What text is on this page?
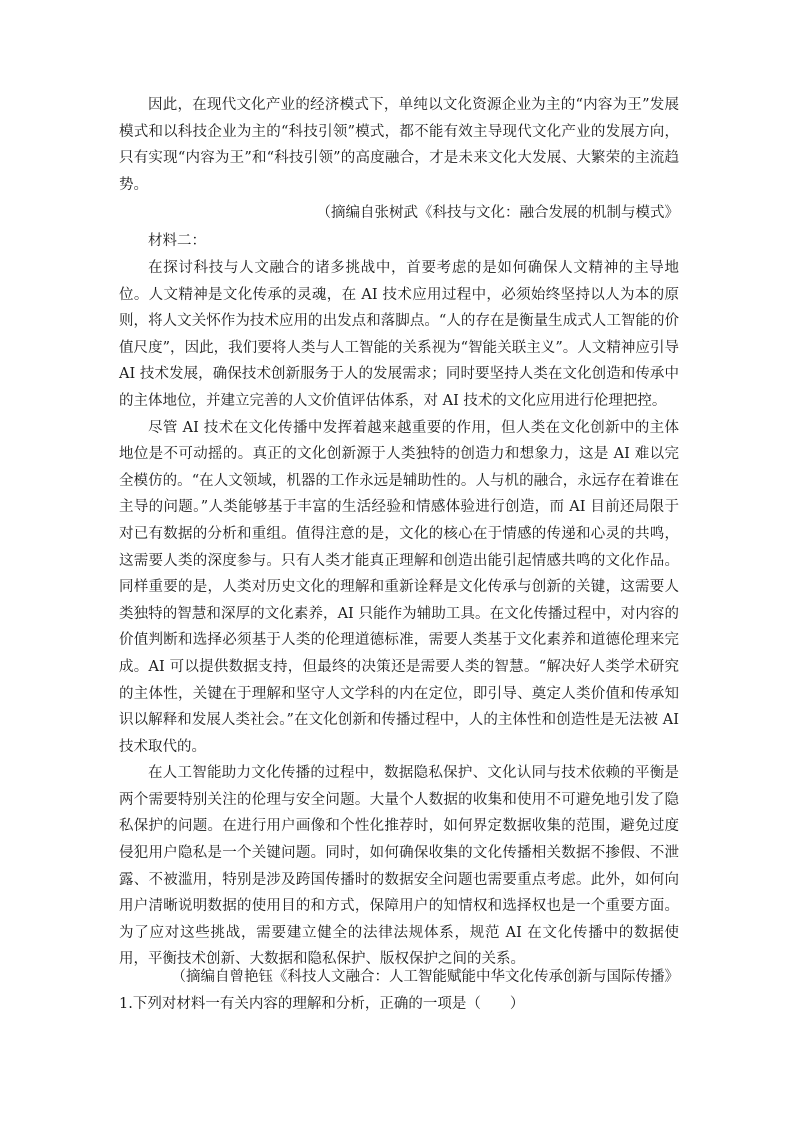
因此，在现代文化产业的经济模式下，单纯以文化资源企业为主的“内容为王”发展模式和以科技企业为主的“科技引领”模式，都不能有效主导现代文化产业的发展方向，只有实现“内容为王”和“科技引领”的高度融合，才是未来文化大发展、大繁荣的主流趋势。

（摘编自张树武《科技与文化：融合发展的机制与模式》
材料二：

在探讨科技与人文融合的诸多挑战中，首要考虑的是如何确保人文精神的主导地位。人文精神是文化传承的灵魂，在 AI 技术应用过程中，必须始终坚持以人为本的原则，将人文关怀作为技术应用的出发点和落脚点。“人的存在是衡量生成式人工智能的价值尺度”，因此，我们要将人类与人工智能的关系视为“智能关联主义”。人文精神应引导 AI 技术发展，确保技术创新服务于人的发展需求；同时要坚持人类在文化创造和传承中的主体地位，并建立完善的人文价值评估体系，对 AI 技术的文化应用进行伦理把控。

尽管 AI 技术在文化传播中发挥着越来越重要的作用，但人类在文化创新中的主体地位是不可动摇的。真正的文化创新源于人类独特的创造力和想象力，这是 AI 难以完全模仿的。“在人文领域，机器的工作永远是辅助性的。人与机的融合，永远存在着谁在主导的问题。”人类能够基于丰富的生活经验和情感体验进行创造，而 AI 目前还局限于对已有数据的分析和重组。值得注意的是，文化的核心在于情感的传递和心灵的共鸣，这需要人类的深度参与。只有人类才能真正理解和创造出能引起情感共鸣的文化作品。同样重要的是，人类对历史文化的理解和重新诠释是文化传承与创新的关键，这需要人类独特的智慧和深厚的文化素养，AI 只能作为辅助工具。在文化传播过程中，对内容的价值判断和选择必须基于人类的伦理道德标准，需要人类基于文化素养和道德伦理来完成。AI 可以提供数据支持，但最终的决策还是需要人类的智慧。“解决好人类学术研究的主体性，关键在于理解和坚守人文学科的内在定位，即引导、奠定人类价值和传承知识以解释和发展人类社会。”在文化创新和传播过程中，人的主体性和创造性是无法被 AI 技术取代的。

在人工智能助力文化传播的过程中，数据隐私保护、文化认同与技术依赖的平衡是两个需要特别关注的伦理与安全问题。大量个人数据的收集和使用不可避免地引发了隐私保护的问题。在进行用户画像和个性化推荐时，如何界定数据收集的范围，避免过度侵犯用户隐私是一个关键问题。同时，如何确保收集的文化传播相关数据不掺假、不泄露、不被滥用，特别是涉及跨国传播时的数据安全问题也需要重点考虑。此外，如何向用户清晰说明数据的使用目的和方式，保障用户的知情权和选择权也是一个重要方面。为了应对这些挑战，需要建立健全的法律法规体系，规范 AI 在文化传播中的数据使用，平衡技术创新、大数据和隐私保护、版权保护之间的关系。

（摘编自曾艳钰《科技人文融合：人工智能赋能中华文化传承创新与国际传播》
1.下列对材料一有关内容的理解和分析，正确的一项是（　　）
